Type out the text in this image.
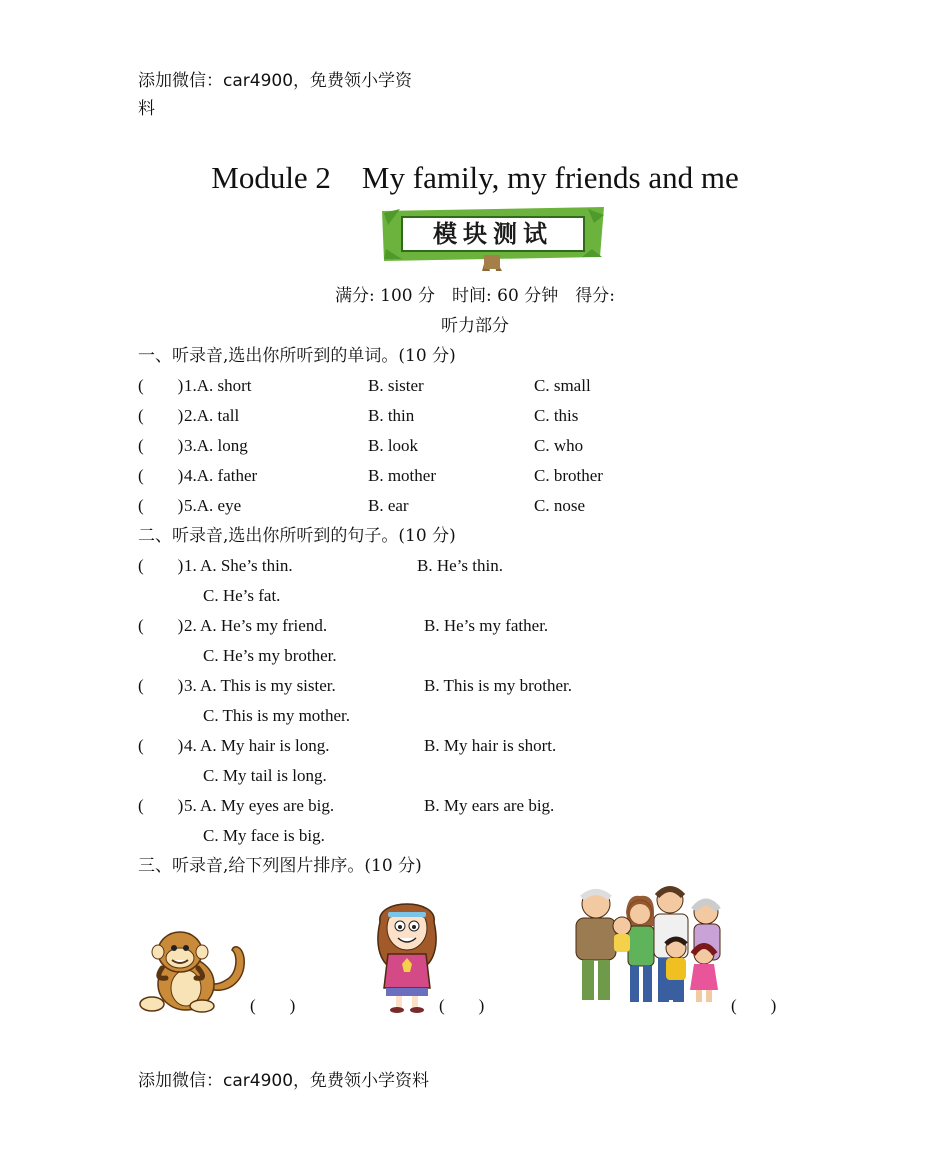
添加微信：car4900，免费领小学资
料
Module 2　My family, my friends and me
模块测试
满分: 100 分　时间: 60 分钟　得分:
听力部分
一、听录音,选出你所听到的单词。(10 分)
(　　) 1.A. short	B. sister	C. small
(　　) 2.A. tall	B. thin	C. this
(　　) 3.A. long	B. look	C. who
(　　) 4.A. father	B. mother	C. brother
(　　) 5.A. eye	B. ear	C. nose
二、听录音,选出你所听到的句子。(10 分)
(　　) 1. A. She’s thin.	B. He’s thin.
C. He’s fat.
(　　) 2. A. He’s my friend.	B. He’s my father.
C. He’s my brother.
(　　) 3. A. This is my sister.	B. This is my brother.
C. This is my mother.
(　　) 4. A. My hair is long.	B. My hair is short.
C. My tail is long.
(　　) 5. A. My eyes are big.	B. My ears are big.
C. My face is big.
三、听录音,给下列图片排序。(10 分)
(　　)	(　　)	(　　)
添加微信：car4900，免费领小学资料
